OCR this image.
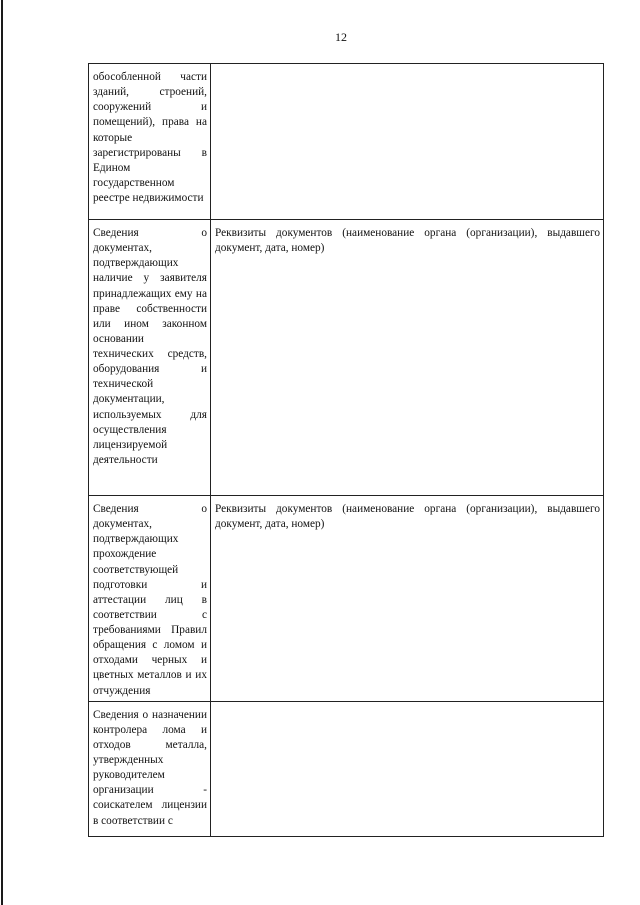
12
обособленной части зданий, строений, сооружений и помещений), права на которые зарегистрированы в Едином государственном реестре недвижимости	
Сведения о документах, подтверждающих наличие у заявителя принадлежащих ему на праве собственности или ином законном основании технических средств, оборудования и технической документации, используемых для осуществления лицензируемой деятельности	Реквизиты документов (наименование органа (организации), выдавшего документ, дата, номер)
Сведения о документах, подтверждающих прохождение соответствующей подготовки и аттестации лиц в соответствии с требованиями Правил обращения с ломом и отходами черных и цветных металлов и их отчуждения	Реквизиты документов (наименование органа (организации), выдавшего документ, дата, номер)
Сведения о назначении контролера лома и отходов металла, утвержденных руководителем организации - соискателем лицензии в соответствии с	
